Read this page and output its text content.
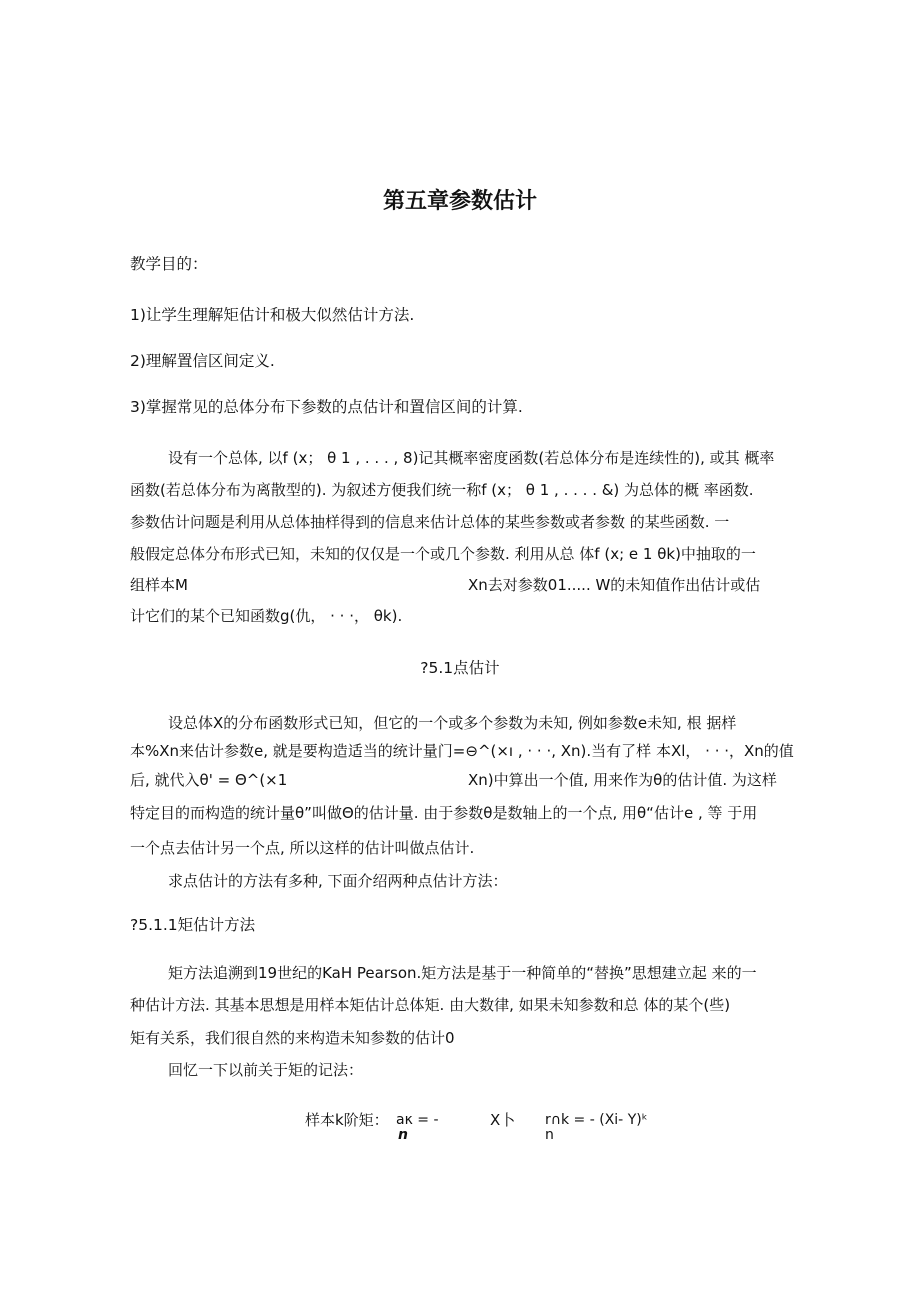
第五章参数估计
教学目的：
1)让学生理解矩估计和极大似然估计方法.
2)理解置信区间定义.
3)掌握常见的总体分布下参数的点估计和置信区间的计算.
设有一个总体, 以f (x； θ 1 , . . . , 8)记其概率密度函数(若总体分布是连续性的), 或其 概率
函数(若总体分布为离散型的). 为叙述方便我们统一称f (x； θ 1 , . . . . &) 为总体的概 率函数.
参数估计问题是利用从总体抽样得到的信息来估计总体的某些参数或者参数 的某些函数. 一
般假定总体分布形式已知，未知的仅仅是一个或几个参数. 利用从总 体f (x; e 1 θk)中抽取的一
组样本M	Xn去对参数01..... W的未知值作出估计或估
计它们的某个已知函数g(仇， · · ·， θk).
?5.1点估计
设总体X的分布函数形式已知，但它的一个或多个参数为未知, 例如参数e未知, 根 据样
本%Xn来估计参数e, 就是要构造适当的统计量门=⊖^(×ı , · · ·, Xn).当有了样 本Xl， · · ·，Xn的值
后, 就代入θ' = Θ^(×1	Xn)中算出一个值, 用来作为θ的估计值. 为这样
特定目的而构造的统计量θ”叫做Θ的估计量. 由于参数θ是数轴上的一个点, 用θ“估计e , 等 于用
一个点去估计另一个点, 所以这样的估计叫做点估计.
求点估计的方法有多种, 下面介绍两种点估计方法：
?5.1.1矩估计方法
矩方法追溯到19世纪的KaH Pearson.矩方法是基于一种简单的“替换”思想建立起 来的一
种估计方法. 其基本思想是用样本矩估计总体矩. 由大数律, 如果未知参数和总 体的某个(些)
矩有关系，我们很自然的来构造未知参数的估计0
回忆一下以前关于矩的记法：
样本k阶矩： aκ = -	X卜 r∩k = - (Xi- Y)ᵏ
n	n
